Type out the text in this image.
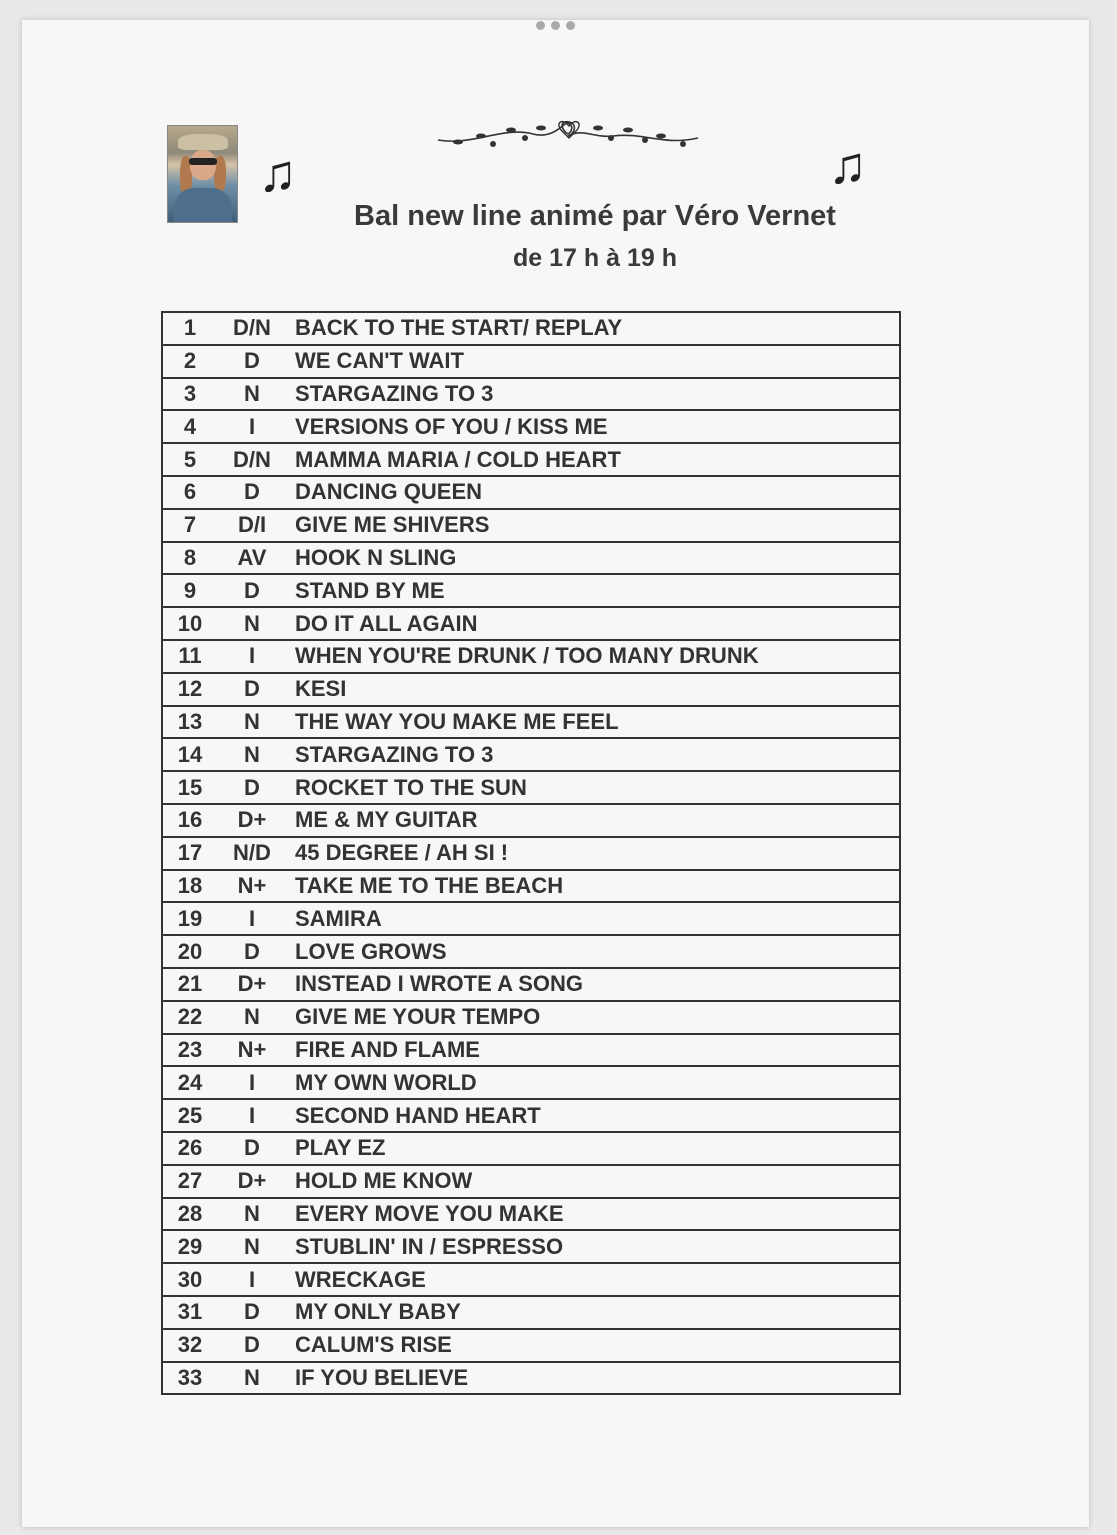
♫	♫
Bal new line animé par Véro Vernet
de 17 h à 19 h
1	D/N	BACK TO THE START/ REPLAY
2	D	WE CAN'T WAIT
3	N	STARGAZING TO 3
4	I	VERSIONS OF YOU / KISS ME
5	D/N	MAMMA MARIA / COLD HEART
6	D	DANCING QUEEN
7	D/I	GIVE ME SHIVERS
8	AV	HOOK N SLING
9	D	STAND BY ME
10	N	DO IT ALL AGAIN
11	I	WHEN YOU'RE DRUNK / TOO MANY DRUNK
12	D	KESI
13	N	THE WAY YOU MAKE ME FEEL
14	N	STARGAZING TO 3
15	D	ROCKET TO THE SUN
16	D+	ME & MY GUITAR
17	N/D	45 DEGREE / AH SI !
18	N+	TAKE ME TO THE BEACH
19	I	SAMIRA
20	D	LOVE GROWS
21	D+	INSTEAD I WROTE A SONG
22	N	GIVE ME YOUR TEMPO
23	N+	FIRE AND FLAME
24	I	MY OWN WORLD
25	I	SECOND HAND HEART
26	D	PLAY EZ
27	D+	HOLD ME KNOW
28	N	EVERY MOVE YOU MAKE
29	N	STUBLIN' IN / ESPRESSO
30	I	WRECKAGE
31	D	MY ONLY BABY
32	D	CALUM'S RISE
33	N	IF YOU BELIEVE
